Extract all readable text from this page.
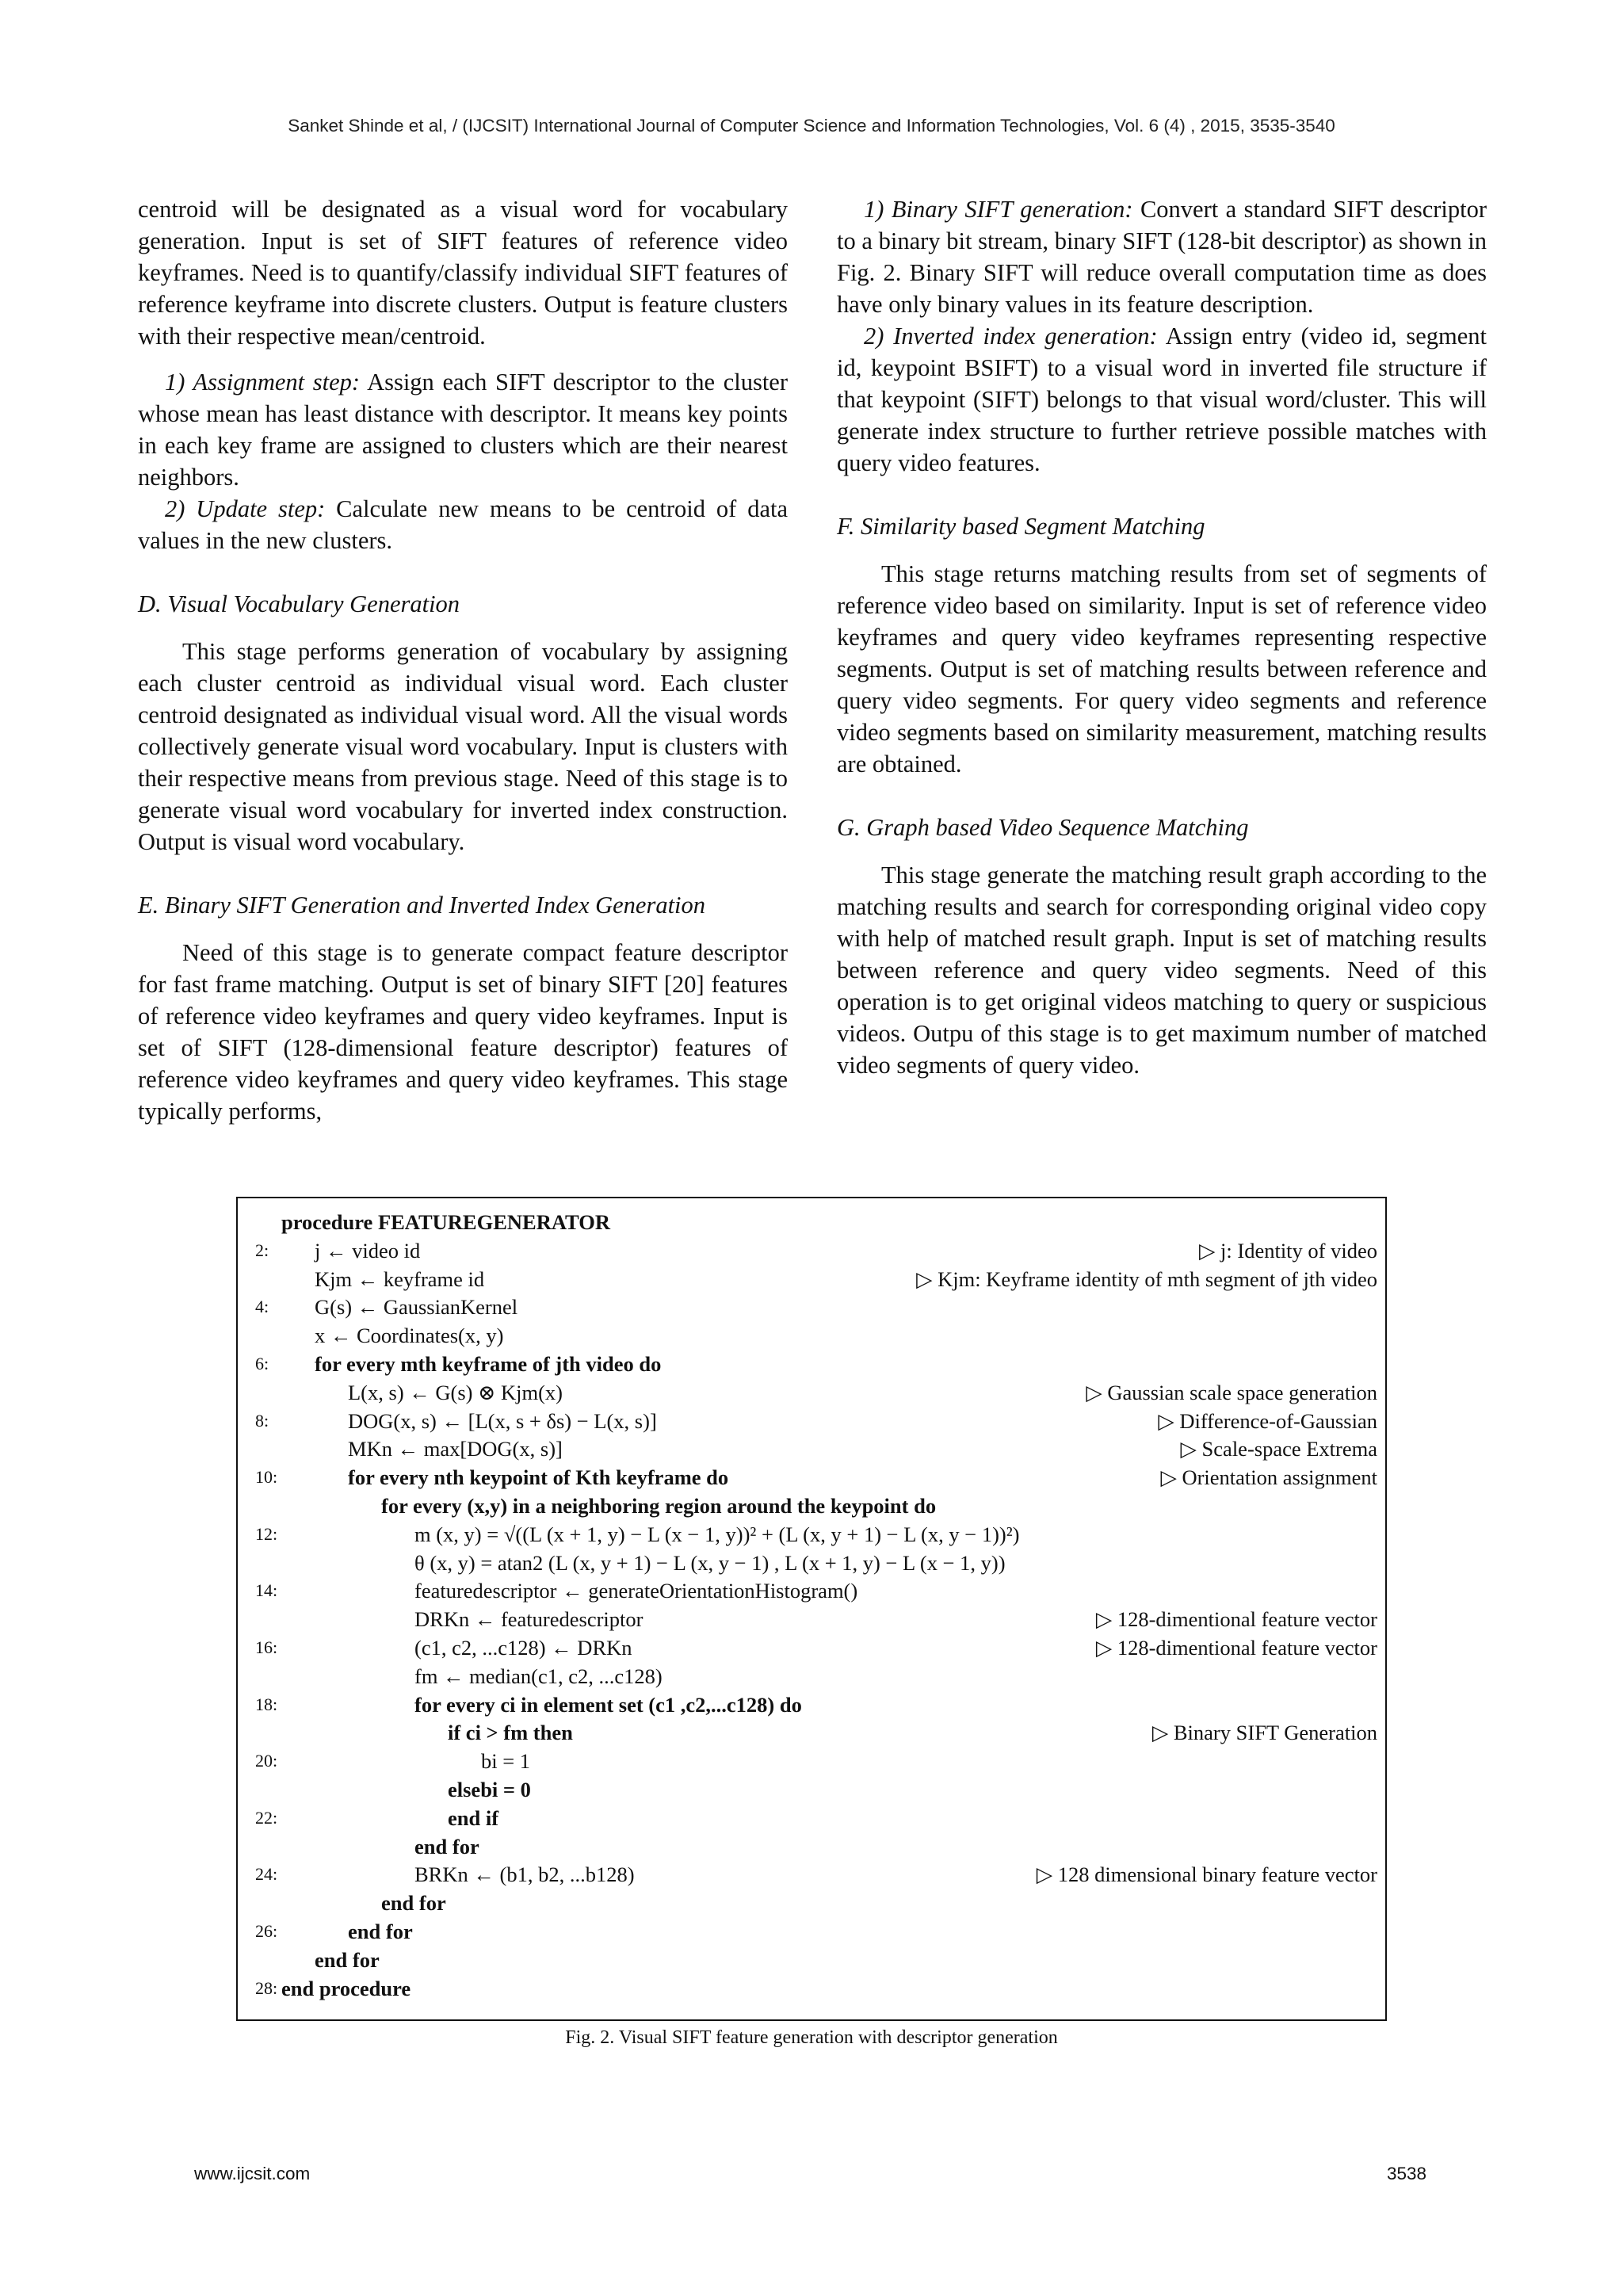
Sanket Shinde et al, / (IJCSIT) International Journal of Computer Science and Information Technologies, Vol. 6 (4) , 2015, 3535-3540

centroid will be designated as a visual word for vocabulary generation. Input is set of SIFT features of reference video keyframes. Need is to quantify/classify individual SIFT features of reference keyframe into discrete clusters. Output is feature clusters with their respective mean/centroid.

1) Assignment step: Assign each SIFT descriptor to the cluster whose mean has least distance with descriptor. It means key points in each key frame are assigned to clusters which are their nearest neighbors.

2) Update step: Calculate new means to be centroid of data values in the new clusters.

D. Visual Vocabulary Generation

This stage performs generation of vocabulary by assigning each cluster centroid as individual visual word. Each cluster centroid designated as individual visual word. All the visual words collectively generate visual word vocabulary. Input is clusters with their respective means from previous stage. Need of this stage is to generate visual word vocabulary for inverted index construction. Output is visual word vocabulary.

E. Binary SIFT Generation and Inverted Index Generation

Need of this stage is to generate compact feature descriptor for fast frame matching. Output is set of binary SIFT [20] features of reference video keyframes and query video keyframes. Input is set of SIFT (128-dimensional feature descriptor) features of reference video keyframes and query video keyframes. This stage typically performs,

1) Binary SIFT generation: Convert a standard SIFT descriptor to a binary bit stream, binary SIFT (128-bit descriptor) as shown in Fig. 2. Binary SIFT will reduce overall computation time as does have only binary values in its feature description.

2) Inverted index generation: Assign entry (video id, segment id, keypoint BSIFT) to a visual word in inverted file structure if that keypoint (SIFT) belongs to that visual word/cluster. This will generate index structure to further retrieve possible matches with query video features.

F. Similarity based Segment Matching

This stage returns matching results from set of segments of reference video based on similarity. Input is set of reference video keyframes and query video keyframes representing respective segments. Output is set of matching results between reference and query video segments. For query video segments and reference video segments based on similarity measurement, matching results are obtained.

G. Graph based Video Sequence Matching

This stage generate the matching result graph according to the matching results and search for corresponding original video copy with help of matched result graph. Input is set of matching results between reference and query video segments. Need of this operation is to get original videos matching to query or suspicious videos. Outpu of this stage is to get maximum number of matched video segments of query video.

procedure FEATUREGENERATOR
2:	j ← video id	▷ j: Identity of video
Kjm ← keyframe id	▷ Kjm: Keyframe identity of mth segment of jth video
4:	G(s) ← GaussianKernel
x ← Coordinates(x, y)
6:	for every mth keyframe of jth video do
L(x, s) ← G(s) ⊗ Kjm(x)	▷ Gaussian scale space generation
8:	DOG(x, s) ← [L(x, s + δs) − L(x, s)]	▷ Difference-of-Gaussian
MKn ← max[DOG(x, s)]	▷ Scale-space Extrema
10:	for every nth keypoint of Kth keyframe do	▷ Orientation assignment
for every (x,y) in a neighboring region around the keypoint do
12:	m (x, y) = √((L (x + 1, y) − L (x − 1, y))² + (L (x, y + 1) − L (x, y − 1))²)
θ (x, y) = atan2 (L (x, y + 1) − L (x, y − 1) , L (x + 1, y) − L (x − 1, y))
14:	featuredescriptor ← generateOrientationHistogram()
DRKn ← featuredescriptor	▷ 128-dimentional feature vector
16:	(c1, c2, ...c128) ← DRKn	▷ 128-dimentional feature vector
fm ← median(c1, c2, ...c128)
18:	for every ci in element set (c1 ,c2,...c128) do
if ci > fm then	▷ Binary SIFT Generation
20:	bi = 1
elsebi = 0
22:	end if
end for
24:	BRKn ← (b1, b2, ...b128)	▷ 128 dimensional binary feature vector
end for
26:	end for
end for
28: end procedure
Fig. 2. Visual SIFT feature generation with descriptor generation
www.ijcsit.com	3538
